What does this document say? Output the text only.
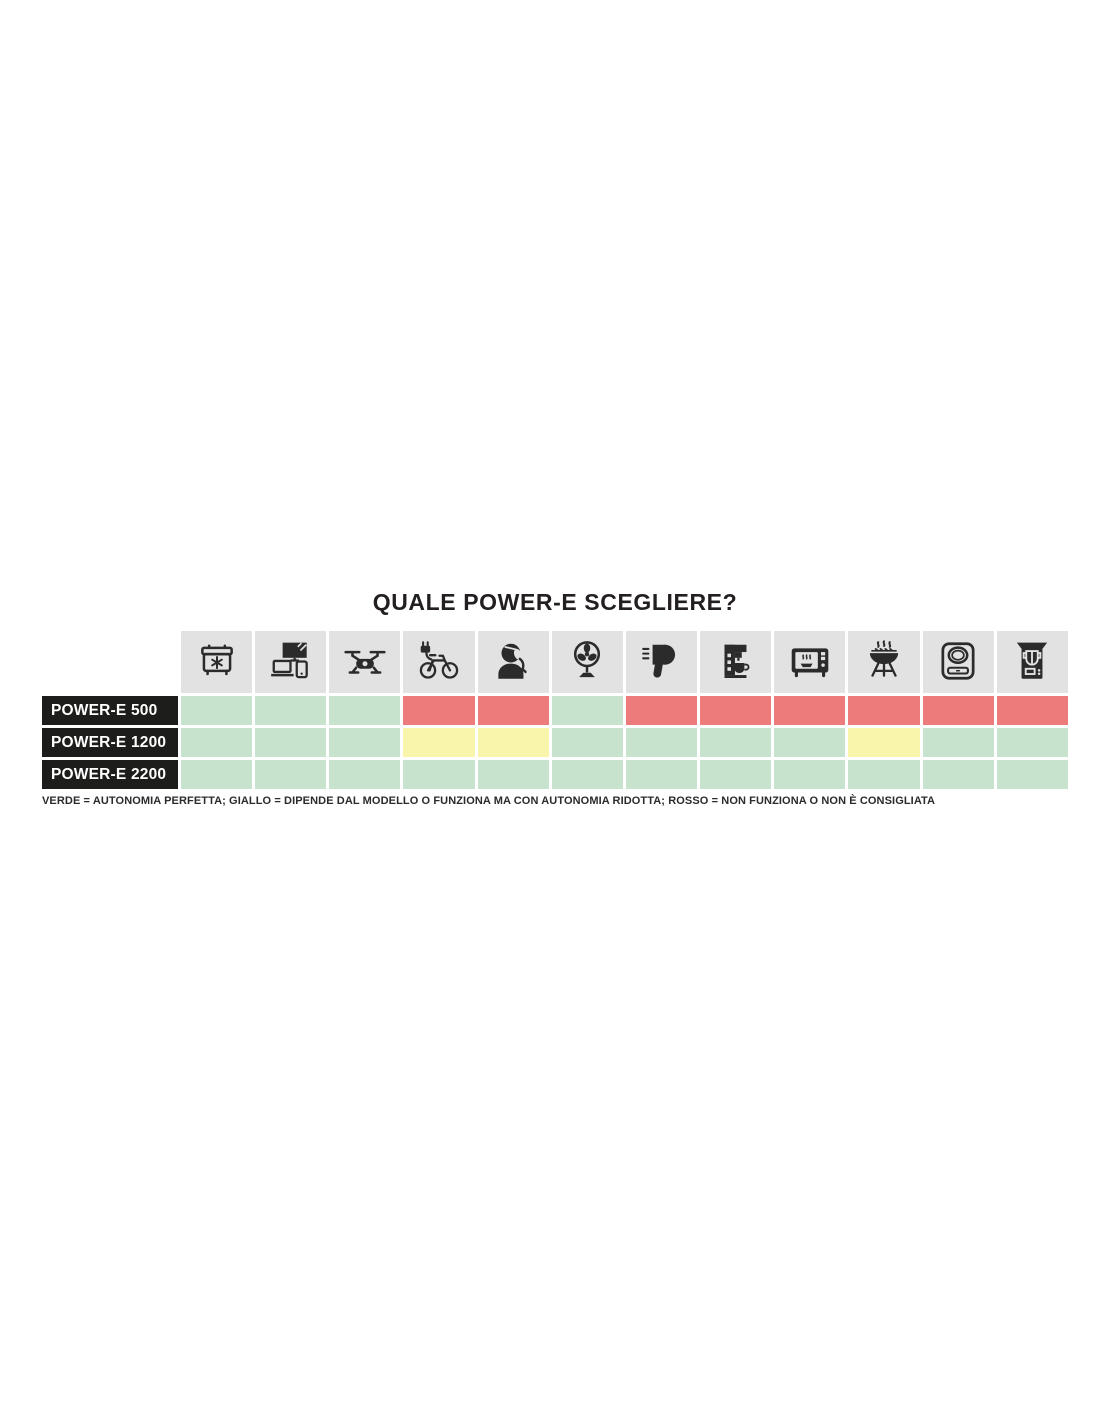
QUALE POWER-E SCEGLIERE?
POWER-E 500
POWER-E 1200
POWER-E 2200

VERDE = AUTONOMIA PERFETTA; GIALLO = DIPENDE DAL MODELLO O FUNZIONA MA CON AUTONOMIA RIDOTTA; ROSSO = NON FUNZIONA O NON È CONSIGLIATA
